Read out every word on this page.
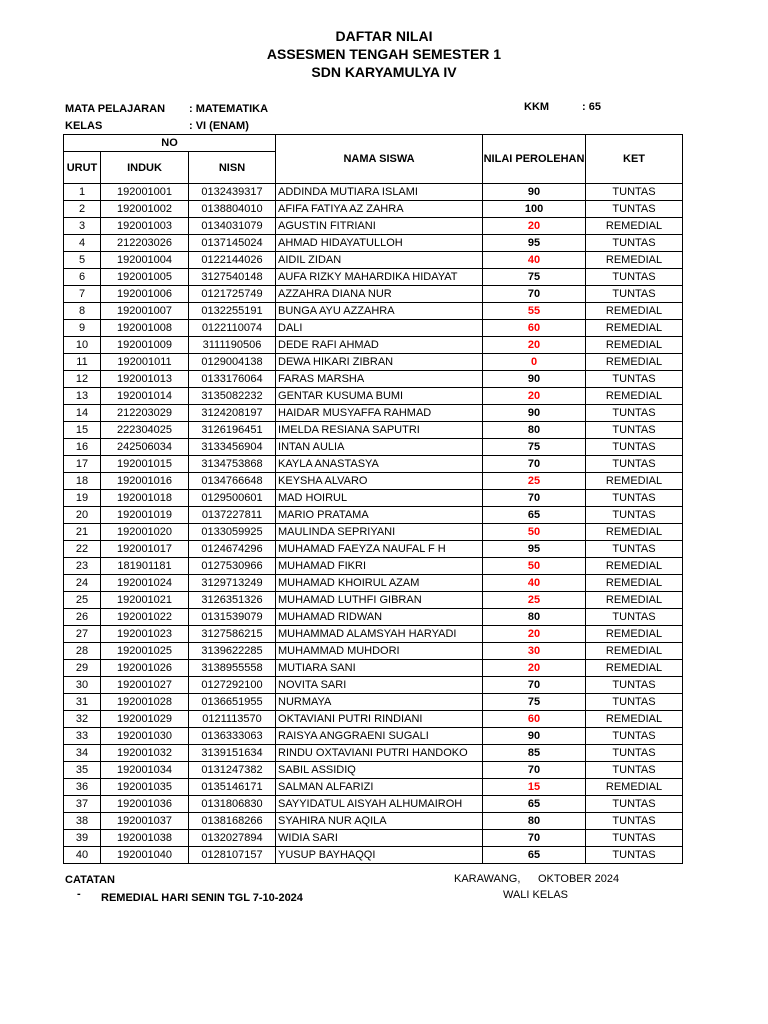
DAFTAR NILAI
ASSESMEN TENGAH SEMESTER 1
SDN KARYAMULYA IV
MATA PELAJARAN : MATEMATIKA
KELAS	: VI (ENAM)
KKM	: 65
NO			NAMA SISWA	NILAI PEROLEHAN	KET
URUT	INDUK	NISN			
1	192001001	0132439317	ADDINDA MUTIARA ISLAMI	90	TUNTAS
2	192001002	0138804010	AFIFA FATIYA AZ ZAHRA	100	TUNTAS
3	192001003	0134031079	AGUSTIN FITRIANI	20	REMEDIAL
4	212203026	0137145024	AHMAD HIDAYATULLOH	95	TUNTAS
5	192001004	0122144026	AIDIL ZIDAN	40	REMEDIAL
6	192001005	3127540148	AUFA RIZKY MAHARDIKA HIDAYAT	75	TUNTAS
7	192001006	0121725749	AZZAHRA DIANA NUR	70	TUNTAS
8	192001007	0132255191	BUNGA AYU AZZAHRA	55	REMEDIAL
9	192001008	0122110074	DALI	60	REMEDIAL
10	192001009	3111190506	DEDE RAFI AHMAD	20	REMEDIAL
11	192001011	0129004138	DEWA HIKARI ZIBRAN	0	REMEDIAL
12	192001013	0133176064	FARAS MARSHA	90	TUNTAS
13	192001014	3135082232	GENTAR KUSUMA BUMI	20	REMEDIAL
14	212203029	3124208197	HAIDAR MUSYAFFA RAHMAD	90	TUNTAS
15	222304025	3126196451	IMELDA RESIANA SAPUTRI	80	TUNTAS
16	242506034	3133456904	INTAN AULIA	75	TUNTAS
17	192001015	3134753868	KAYLA ANASTASYA	70	TUNTAS
18	192001016	0134766648	KEYSHA ALVARO	25	REMEDIAL
19	192001018	0129500601	MAD HOIRUL	70	TUNTAS
20	192001019	0137227811	MARIO PRATAMA	65	TUNTAS
21	192001020	0133059925	MAULINDA SEPRIYANI	50	REMEDIAL
22	192001017	0124674296	MUHAMAD FAEYZA NAUFAL F H	95	TUNTAS
23	181901181	0127530966	MUHAMAD FIKRI	50	REMEDIAL
24	192001024	3129713249	MUHAMAD KHOIRUL AZAM	40	REMEDIAL
25	192001021	3126351326	MUHAMAD LUTHFI GIBRAN	25	REMEDIAL
26	192001022	0131539079	MUHAMAD RIDWAN	80	TUNTAS
27	192001023	3127586215	MUHAMMAD ALAMSYAH HARYADI	20	REMEDIAL
28	192001025	3139622285	MUHAMMAD MUHDORI	30	REMEDIAL
29	192001026	3138955558	MUTIARA SANI	20	REMEDIAL
30	192001027	0127292100	NOVITA SARI	70	TUNTAS
31	192001028	0136651955	NURMAYA	75	TUNTAS
32	192001029	0121113570	OKTAVIANI PUTRI RINDIANI	60	REMEDIAL
33	192001030	0136333063	RAISYA ANGGRAENI SUGALI	90	TUNTAS
34	192001032	3139151634	RINDU OXTAVIANI PUTRI HANDOKO	85	TUNTAS
35	192001034	0131247382	SABIL ASSIDIQ	70	TUNTAS
36	192001035	0135146171	SALMAN ALFARIZI	15	REMEDIAL
37	192001036	0131806830	SAYYIDATUL AISYAH ALHUMAIROH	65	TUNTAS
38	192001037	0138168266	SYAHIRA NUR AQILA	80	TUNTAS
39	192001038	0132027894	WIDIA SARI	70	TUNTAS
40	192001040	0128107157	YUSUP BAYHAQQI	65	TUNTAS
CATATAN
- REMEDIAL HARI SENIN TGL 7-10-2024
KARAWANG, OKTOBER 2024
WALI KELAS
